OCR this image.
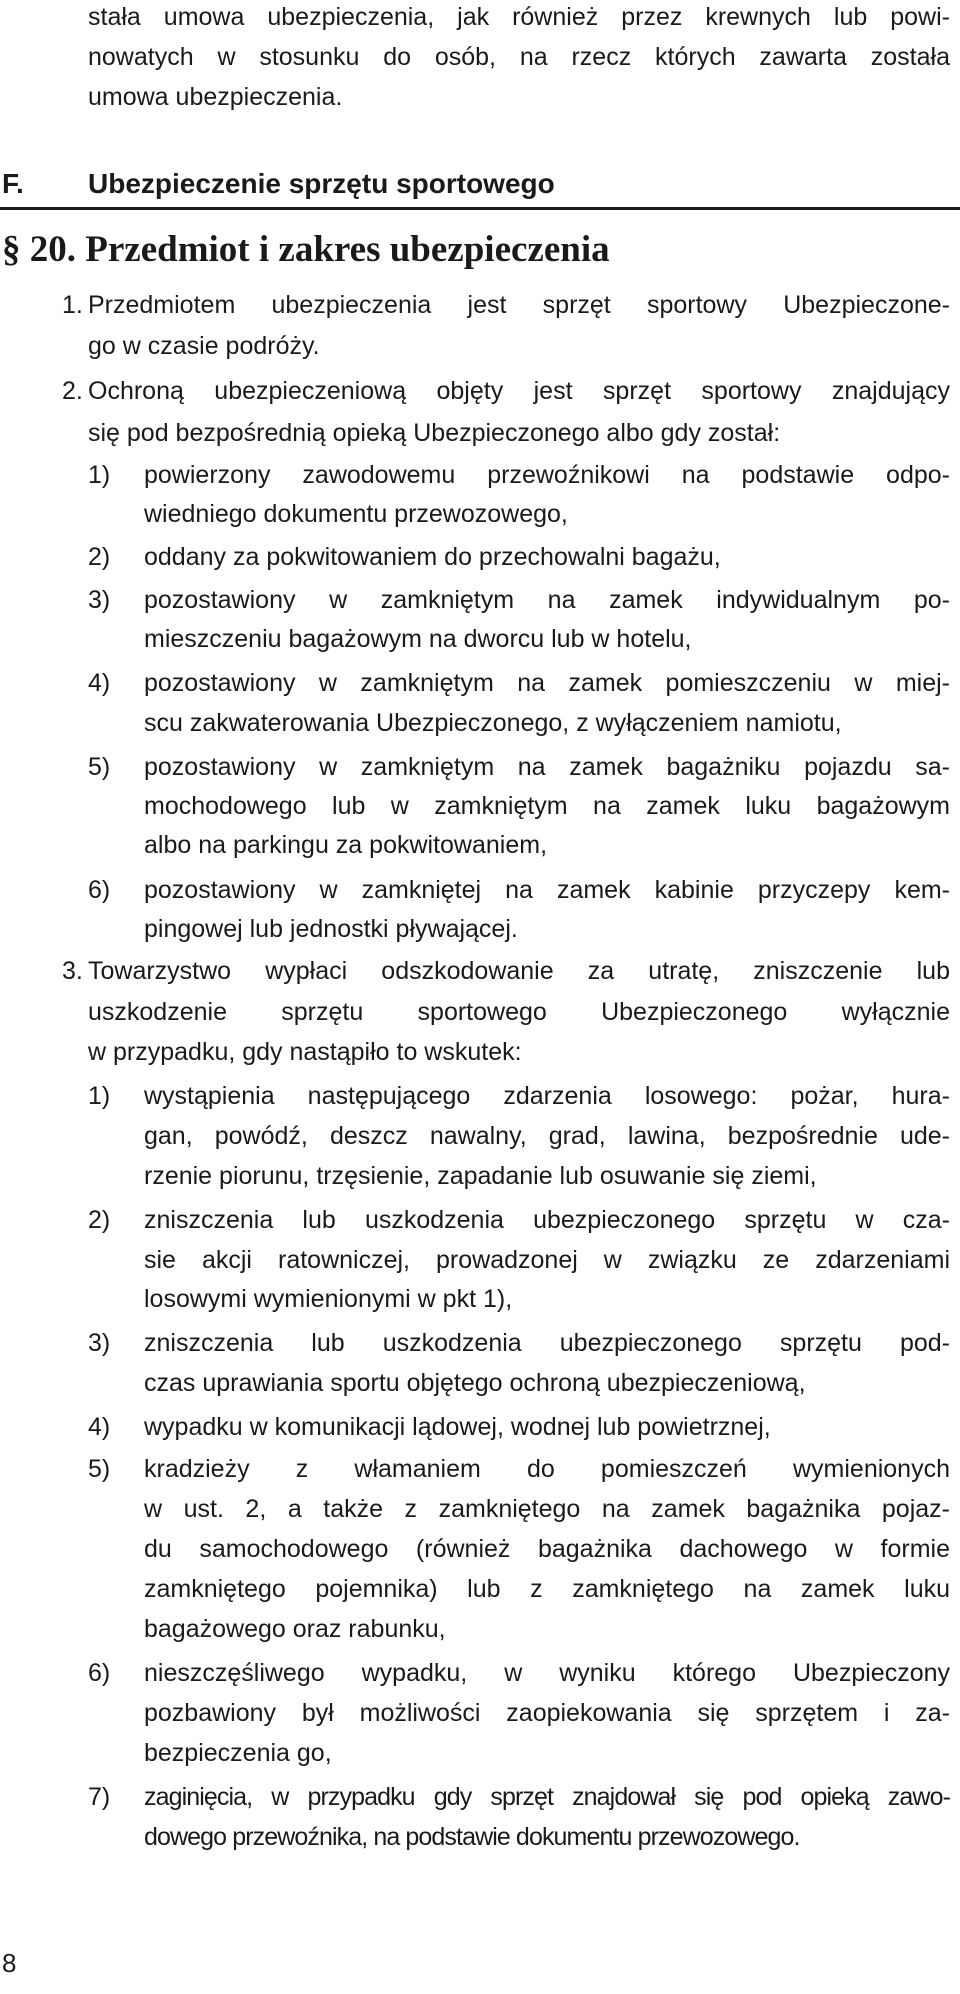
stała umowa ubezpieczenia, jak również przez krewnych lub powi-
nowatych w stosunku do osób, na rzecz których zawarta została
umowa ubezpieczenia.
F. Ubezpieczenie sprzętu sportowego
§ 20. Przedmiot i zakres ubezpieczenia
1. Przedmiotem ubezpieczenia jest sprzęt sportowy Ubezpieczone-
go w czasie podróży.
2. Ochroną ubezpieczeniową objęty jest sprzęt sportowy znajdujący
się pod bezpośrednią opieką Ubezpieczonego albo gdy został:
1) powierzony zawodowemu przewoźnikowi na podstawie odpo-
wiedniego dokumentu przewozowego,
2) oddany za pokwitowaniem do przechowalni bagażu,
3) pozostawiony w zamkniętym na zamek indywidualnym po-
mieszczeniu bagażowym na dworcu lub w hotelu,
4) pozostawiony w zamkniętym na zamek pomieszczeniu w miej-
scu zakwaterowania Ubezpieczonego, z wyłączeniem namiotu,
5) pozostawiony w zamkniętym na zamek bagażniku pojazdu sa-
mochodowego lub w zamkniętym na zamek luku bagażowym
albo na parkingu za pokwitowaniem,
6) pozostawiony w zamkniętej na zamek kabinie przyczepy kem-
pingowej lub jednostki pływającej.
3. Towarzystwo wypłaci odszkodowanie za utratę, zniszczenie lub
uszkodzenie sprzętu sportowego Ubezpieczonego wyłącznie
w przypadku, gdy nastąpiło to wskutek:
1) wystąpienia następującego zdarzenia losowego: pożar, hura-
gan, powódź, deszcz nawalny, grad, lawina, bezpośrednie ude-
rzenie piorunu, trzęsienie, zapadanie lub osuwanie się ziemi,
2) zniszczenia lub uszkodzenia ubezpieczonego sprzętu w cza-
sie akcji ratowniczej, prowadzonej w związku ze zdarzeniami
losowymi wymienionymi w pkt 1),
3) zniszczenia lub uszkodzenia ubezpieczonego sprzętu pod-
czas uprawiania sportu objętego ochroną ubezpieczeniową,
4) wypadku w komunikacji lądowej, wodnej lub powietrznej,
5) kradzieży z włamaniem do pomieszczeń wymienionych
w ust. 2, a także z zamkniętego na zamek bagażnika pojaz-
du samochodowego (również bagażnika dachowego w formie
zamkniętego pojemnika) lub z zamkniętego na zamek luku
bagażowego oraz rabunku,
6) nieszczęśliwego wypadku, w wyniku którego Ubezpieczony
pozbawiony był możliwości zaopiekowania się sprzętem i za-
bezpieczenia go,
7) zaginięcia, w przypadku gdy sprzęt znajdował się pod opieką zawo-
dowego przewoźnika, na podstawie dokumentu przewozowego.
8
